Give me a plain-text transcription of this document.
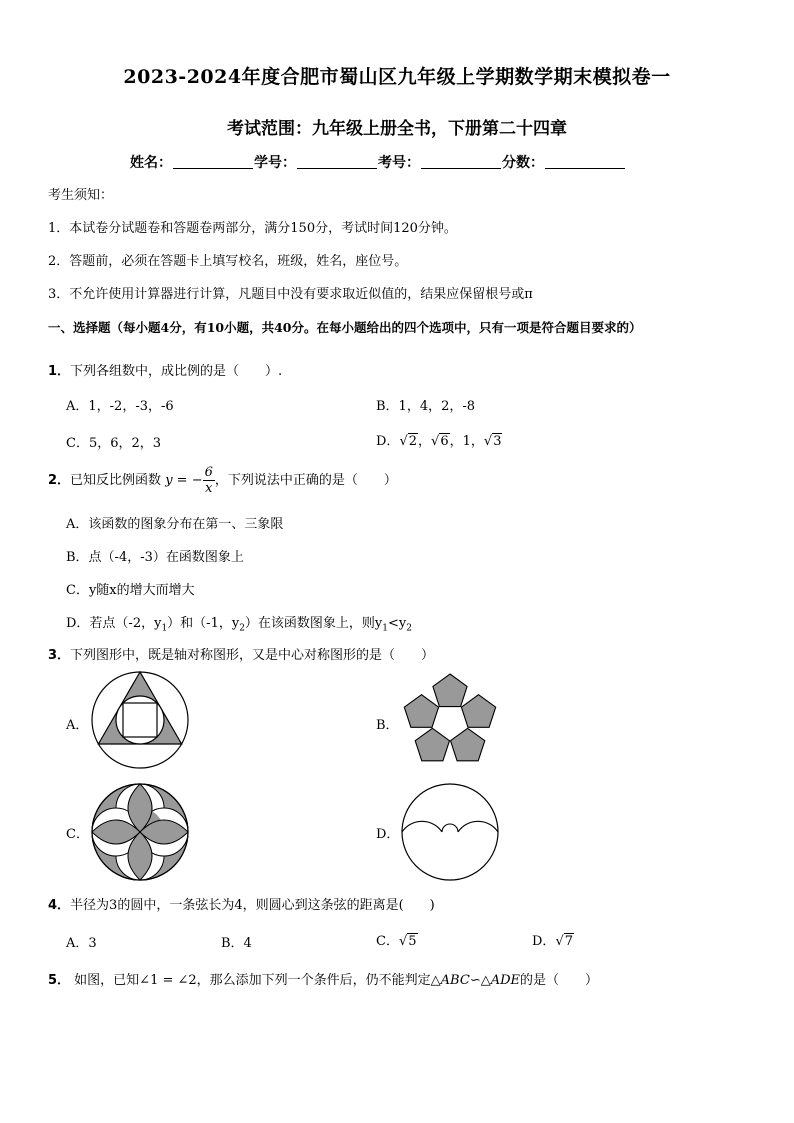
2023-2024年度合肥市蜀山区九年级上学期数学期末模拟卷一
考试范围：九年级上册全书，下册第二十四章
姓名：	学号：	考号：	分数：
考生须知：
1．本试卷分试题卷和答题卷两部分，满分150分，考试时间120分钟。
2．答题前，必须在答题卡上填写校名，班级，姓名，座位号。
3．不允许使用计算器进行计算，凡题目中没有要求取近似值的，结果应保留根号或π
一、选择题（每小题4分，有10小题，共40分。在每小题给出的四个选项中，只有一项是符合题目要求的）
1．下列各组数中，成比例的是（　　）.
A．1，-2，-3，-6	B．1，4，2，-8
C．5，6，2，3	D．√2，√6，1，√3
2．已知反比例函数 y = − $\frac{6}{x}$ ，下列说法中正确的是（　　）
A．该函数的图象分布在第一、三象限
B．点（-4，-3）在函数图象上
C．y随x的增大而增大
D．若点（-2，$y_1$）和（-1，$y_2$）在该函数图象上，则$y_1<y_2$
3．下列图形中，既是轴对称图形，又是中心对称图形的是（　　）
A．	B．
C．	D．
4．半径为3的圆中，一条弦长为4，则圆心到这条弦的距离是(　　)
A．3	B．4	C．√5	D．√7
5． 如图，已知∠1 = ∠2，那么添加下列一个条件后，仍不能判定△ABC∽△ADE的是（　　）
